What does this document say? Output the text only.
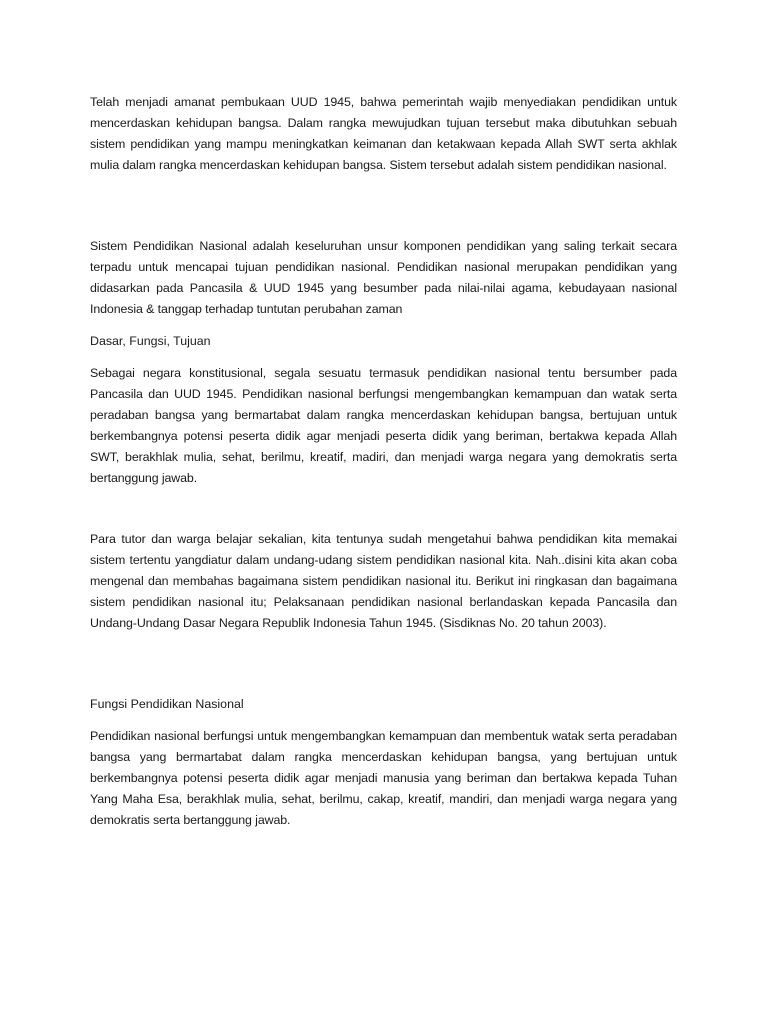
Telah menjadi amanat pembukaan UUD 1945, bahwa pemerintah wajib menyediakan pendidikan untuk mencerdaskan kehidupan bangsa. Dalam rangka mewujudkan tujuan tersebut maka dibutuhkan sebuah sistem pendidikan yang mampu meningkatkan keimanan dan ketakwaan kepada Allah SWT serta akhlak mulia dalam rangka mencerdaskan kehidupan bangsa. Sistem tersebut adalah sistem pendidikan nasional.

Sistem Pendidikan Nasional adalah keseluruhan unsur komponen pendidikan yang saling terkait secara terpadu untuk mencapai tujuan pendidikan nasional. Pendidikan nasional merupakan pendidikan yang didasarkan pada Pancasila & UUD 1945 yang besumber pada nilai-nilai agama, kebudayaan nasional Indonesia & tanggap terhadap tuntutan perubahan zaman

Dasar, Fungsi, Tujuan

Sebagai negara konstitusional, segala sesuatu termasuk pendidikan nasional tentu bersumber pada Pancasila dan UUD 1945. Pendidikan nasional berfungsi mengembangkan kemampuan dan watak serta peradaban bangsa yang bermartabat dalam rangka mencerdaskan kehidupan bangsa, bertujuan untuk berkembangnya potensi peserta didik agar menjadi peserta didik yang beriman, bertakwa kepada Allah SWT, berakhlak mulia, sehat, berilmu, kreatif, madiri, dan menjadi warga negara yang demokratis serta bertanggung jawab.

Para tutor dan warga belajar sekalian, kita tentunya sudah mengetahui bahwa pendidikan kita memakai sistem tertentu yangdiatur dalam undang-udang sistem pendidikan nasional kita. Nah..disini kita akan coba mengenal dan membahas bagaimana sistem pendidikan nasional itu. Berikut ini ringkasan dan bagaimana sistem pendidikan nasional itu; Pelaksanaan pendidikan nasional berlandaskan kepada Pancasila dan Undang-Undang Dasar Negara Republik Indonesia Tahun 1945. (Sisdiknas No. 20 tahun 2003).

Fungsi Pendidikan Nasional

Pendidikan nasional berfungsi untuk mengembangkan kemampuan dan membentuk watak serta peradaban bangsa yang bermartabat dalam rangka mencerdaskan kehidupan bangsa, yang bertujuan untuk berkembangnya potensi peserta didik agar menjadi manusia yang beriman dan bertakwa kepada Tuhan Yang Maha Esa, berakhlak mulia, sehat, berilmu, cakap, kreatif, mandiri, dan menjadi warga negara yang demokratis serta bertanggung jawab.
